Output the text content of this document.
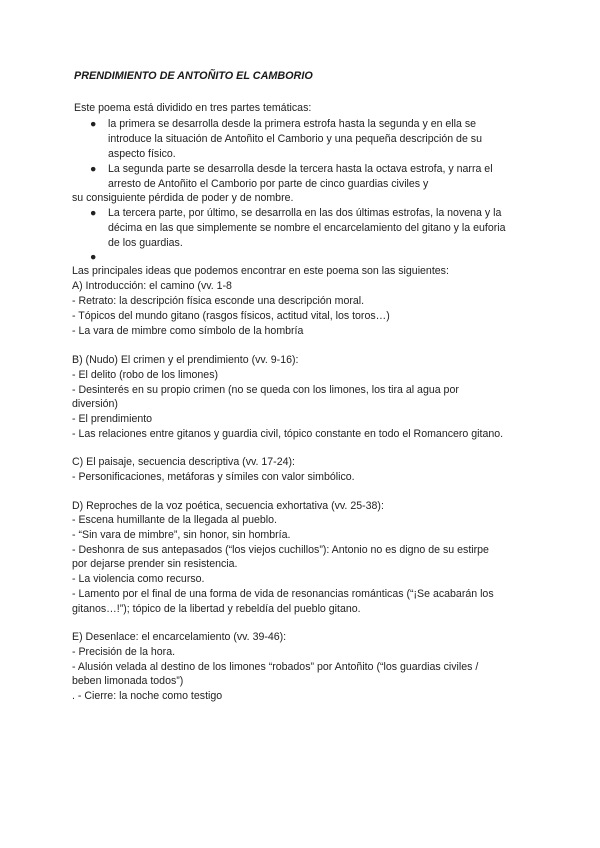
PRENDIMIENTO DE ANTOÑITO EL CAMBORIO
Este poema está dividido en tres partes temáticas:
●	la primera se desarrolla desde la primera estrofa hasta la segunda y en ella se
introduce la situación de Antoñito el Camborio y una pequeña descripción de su
aspecto físico.
●	La segunda parte se desarrolla desde la tercera hasta la octava estrofa, y narra el
arresto de Antoñito el Camborio por parte de cinco guardias civiles y
su consiguiente pérdida de poder y de nombre.
●	La tercera parte, por último, se desarrolla en las dos últimas estrofas, la novena y la
décima en las que simplemente se nombre el encarcelamiento del gitano y la euforia
de los guardias.
●
Las principales ideas que podemos encontrar en este poema son las siguientes:
A) Introducción: el camino (vv. 1-8
- Retrato: la descripción física esconde una descripción moral.
- Tópicos del mundo gitano (rasgos físicos, actitud vital, los toros…)
- La vara de mimbre como símbolo de la hombría
B) (Nudo) El crimen y el prendimiento (vv. 9-16):
- El delito (robo de los limones)
- Desinterés en su propio crimen (no se queda con los limones, los tira al agua por
diversión)
- El prendimiento
- Las relaciones entre gitanos y guardia civil, tópico constante en todo el Romancero gitano.
C) El paisaje, secuencia descriptiva (vv. 17-24):
- Personificaciones, metáforas y símiles con valor simbólico.
D) Reproches de la voz poética, secuencia exhortativa (vv. 25-38):
- Escena humillante de la llegada al pueblo.
- “Sin vara de mimbre”, sin honor, sin hombría.
- Deshonra de sus antepasados (“los viejos cuchillos”): Antonio no es digno de su estirpe
por dejarse prender sin resistencia.
- La violencia como recurso.
- Lamento por el final de una forma de vida de resonancias románticas (“¡Se acabarán los
gitanos…!”); tópico de la libertad y rebeldía del pueblo gitano.
E) Desenlace: el encarcelamiento (vv. 39-46):
- Precisión de la hora.
- Alusión velada al destino de los limones “robados” por Antoñito (“los guardias civiles /
beben limonada todos”)
. - Cierre: la noche como testigo
